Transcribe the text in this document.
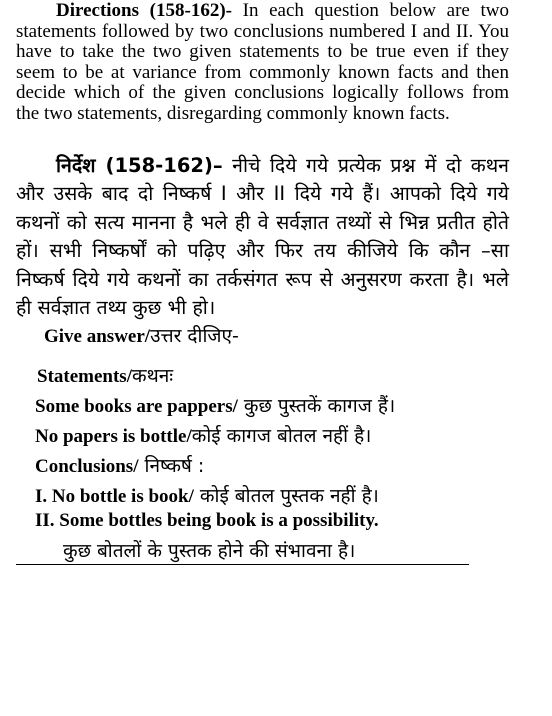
Directions (158-162)- In each question below are two statements followed by two conclusions numbered I and II. You have to take the two given statements to be true even if they seem to be at variance from commonly known facts and then decide which of the given conclusions logically follows from the two statements, disregarding commonly known facts.

निर्देश (158-162)– नीचे दिये गये प्रत्येक प्रश्न में दो कथन और उसके बाद दो निष्कर्ष I और II दिये गये हैं। आपको दिये गये कथनों को सत्य मानना है भले ही वे सर्वज्ञात तथ्यों से भिन्न प्रतीत होते हों। सभी निष्कर्षों को पढ़िए और फिर तय कीजिये कि कौन –सा निष्कर्ष दिये गये कथनों का तर्कसंगत रूप से अनुसरण करता है। भले ही सर्वज्ञात तथ्य कुछ भी हो।

Give answer/उत्तर दीजिए-
Statements/कथनः
Some books are pappers/ कुछ पुस्तकें कागज हैं।
No papers is bottle/कोई कागज बोतल नहीं है।
Conclusions/ निष्कर्ष :
I. No bottle is book/ कोई बोतल पुस्तक नहीं है।
II. Some bottles being book is a possibility.
कुछ बोतलों के पुस्तक होने की संभावना है।
